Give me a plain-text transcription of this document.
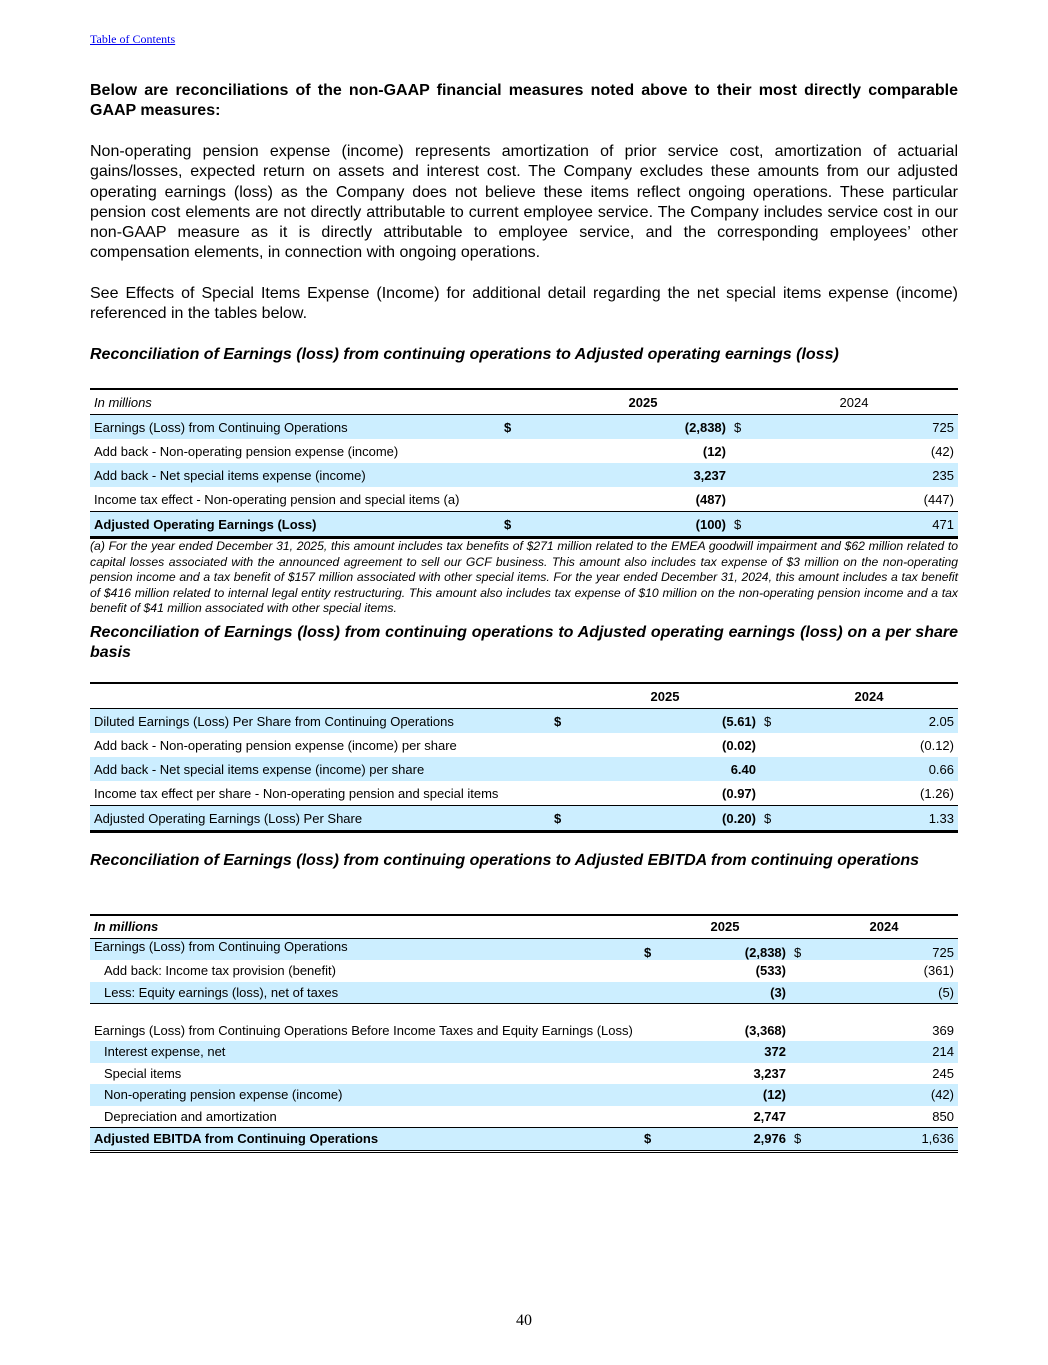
Table of Contents
Below are reconciliations of the non-GAAP financial measures noted above to their most directly comparable GAAP measures:
Non-operating pension expense (income) represents amortization of prior service cost, amortization of actuarial gains/losses, expected return on assets and interest cost. The Company excludes these amounts from our adjusted operating earnings (loss) as the Company does not believe these items reflect ongoing operations. These particular pension cost elements are not directly attributable to current employee service. The Company includes service cost in our non-GAAP measure as it is directly attributable to employee service, and the corresponding employees’ other compensation elements, in connection with ongoing operations.
See Effects of Special Items Expense (Income) for additional detail regarding the net special items expense (income) referenced in the tables below.
Reconciliation of Earnings (loss) from continuing operations to Adjusted operating earnings (loss)
In millions		2025		2024
Earnings (Loss) from Continuing Operations	$	(2,838)	$	725
Add back - Non-operating pension expense (income)		(12)		(42)
Add back - Net special items expense (income)		3,237		235
Income tax effect - Non-operating pension and special items (a)		(487)		(447)
Adjusted Operating Earnings (Loss)	$	(100)	$	471
(a) For the year ended December 31, 2025, this amount includes tax benefits of $271 million related to the EMEA goodwill impairment and $62 million related to capital losses associated with the announced agreement to sell our GCF business. This amount also includes tax expense of $3 million on the non-operating pension income and a tax benefit of $157 million associated with other special items. For the year ended December 31, 2024, this amount includes a tax benefit of $416 million related to internal legal entity restructuring. This amount also includes tax expense of $10 million on the non-operating pension income and a tax benefit of $41 million associated with other special items.
Reconciliation of Earnings (loss) from continuing operations to Adjusted operating earnings (loss) on a per share basis
		2025		2024
Diluted Earnings (Loss) Per Share from Continuing Operations	$	(5.61)	$	2.05
Add back - Non-operating pension expense (income) per share		(0.02)		(0.12)
Add back - Net special items expense (income) per share		6.40		0.66
Income tax effect per share - Non-operating pension and special items		(0.97)		(1.26)
Adjusted Operating Earnings (Loss) Per Share	$	(0.20)	$	1.33
Reconciliation of Earnings (loss) from continuing operations to Adjusted EBITDA from continuing operations
In millions		2025		2024
Earnings (Loss) from Continuing Operations	$	(2,838)	$	725
Add back: Income tax provision (benefit)		(533)		(361)
Less: Equity earnings (loss), net of taxes		(3)		(5)
Earnings (Loss) from Continuing Operations Before Income Taxes and Equity Earnings (Loss)		(3,368)		369
Interest expense, net		372		214
Special items		3,237		245
Non-operating pension expense (income)		(12)		(42)
Depreciation and amortization		2,747		850
Adjusted EBITDA from Continuing Operations	$	2,976	$	1,636
40
